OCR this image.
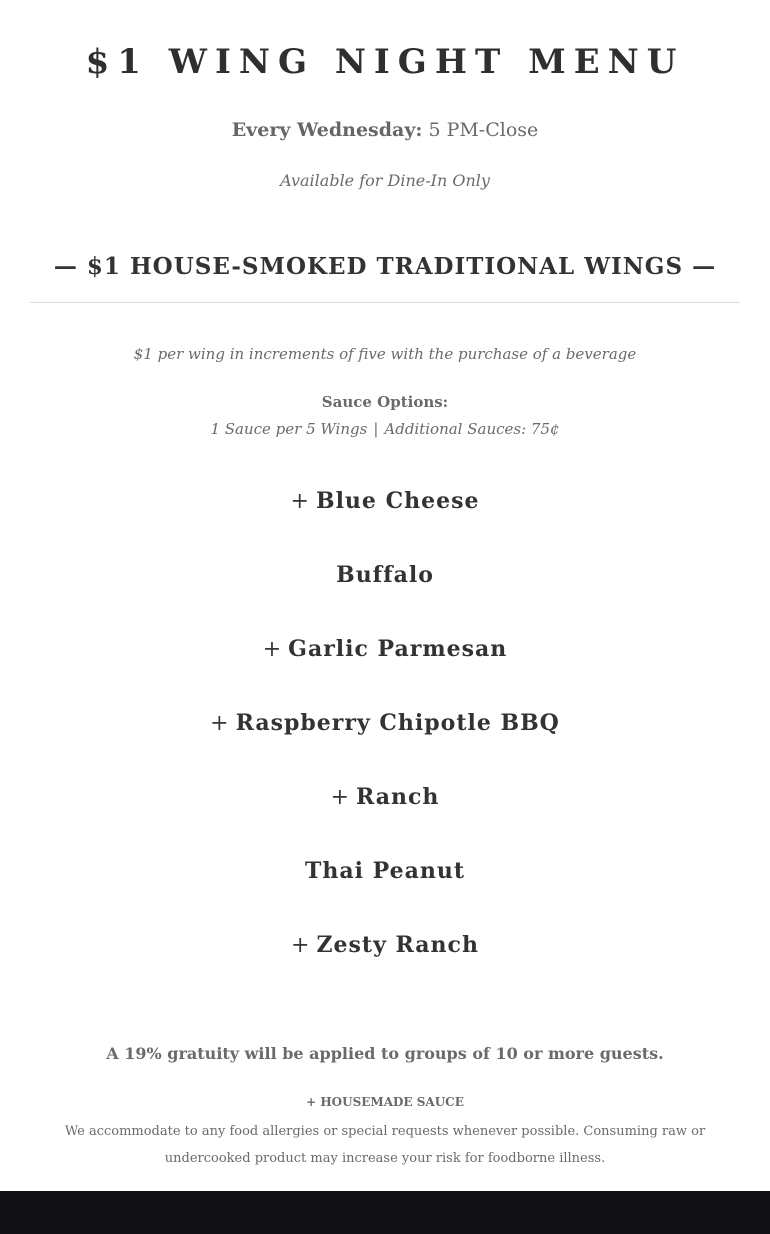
$1 WING NIGHT MENU

Every Wednesday: 5 PM-Close

Available for Dine-In Only

— $1 HOUSE-SMOKED TRADITIONAL WINGS —

$1 per wing in increments of five with the purchase of a beverage

Sauce Options:

1 Sauce per 5 Wings | Additional Sauces: 75¢

+ Blue Cheese
Buffalo
+ Garlic Parmesan
+ Raspberry Chipotle BBQ
+ Ranch
Thai Peanut
+ Zesty Ranch

A 19% gratuity will be applied to groups of 10 or more guests.

+ HOUSEMADE SAUCE

We accommodate to any food allergies or special requests whenever possible. Consuming raw or undercooked product may increase your risk for foodborne illness.
